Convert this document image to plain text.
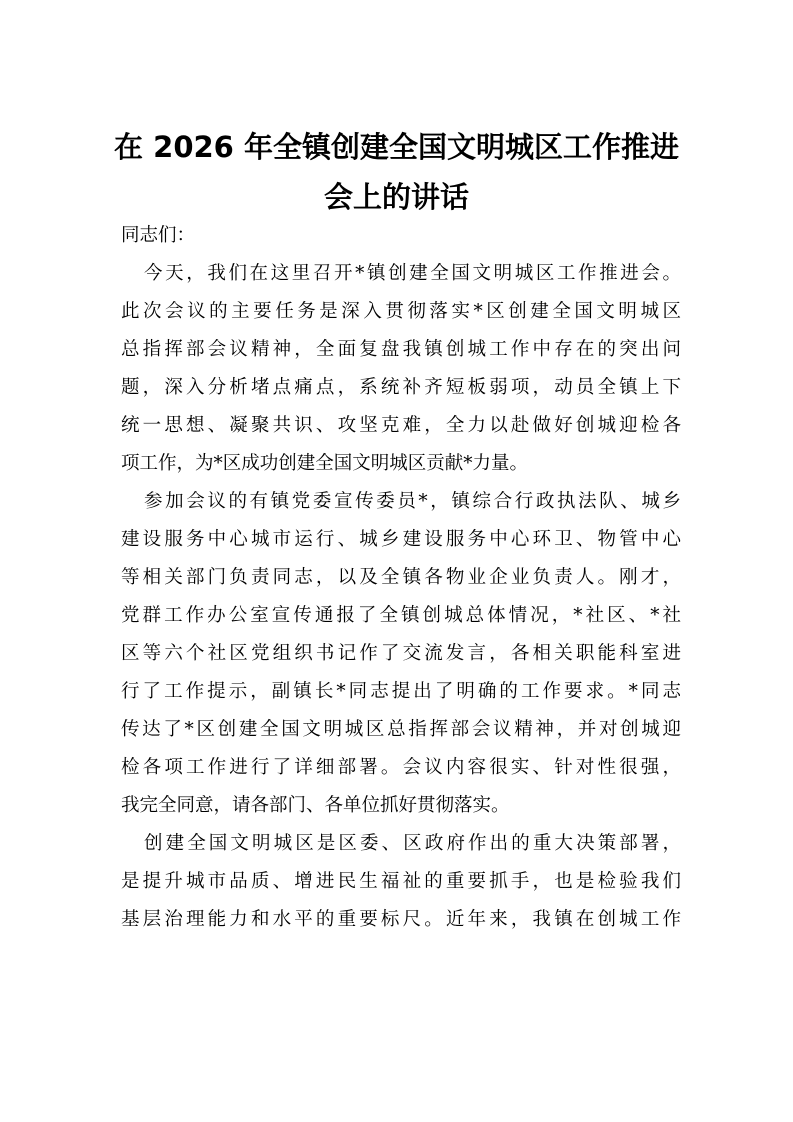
在 2026 年全镇创建全国文明城区工作推进
会上的讲话
同志们：
今天，我们在这里召开*镇创建全国文明城区工作推进会。
此次会议的主要任务是深入贯彻落实*区创建全国文明城区
总指挥部会议精神，全面复盘我镇创城工作中存在的突出问
题，深入分析堵点痛点，系统补齐短板弱项，动员全镇上下
统一思想、凝聚共识、攻坚克难，全力以赴做好创城迎检各
项工作，为*区成功创建全国文明城区贡献*力量。
参加会议的有镇党委宣传委员*，镇综合行政执法队、城乡
建设服务中心城市运行、城乡建设服务中心环卫、物管中心
等相关部门负责同志，以及全镇各物业企业负责人。刚才，
党群工作办公室宣传通报了全镇创城总体情况，*社区、*社
区等六个社区党组织书记作了交流发言，各相关职能科室进
行了工作提示，副镇长*同志提出了明确的工作要求。*同志
传达了*区创建全国文明城区总指挥部会议精神，并对创城迎
检各项工作进行了详细部署。会议内容很实、针对性很强，
我完全同意，请各部门、各单位抓好贯彻落实。
创建全国文明城区是区委、区政府作出的重大决策部署，
是提升城市品质、增进民生福祉的重要抓手，也是检验我们
基层治理能力和水平的重要标尺。近年来，我镇在创城工作
